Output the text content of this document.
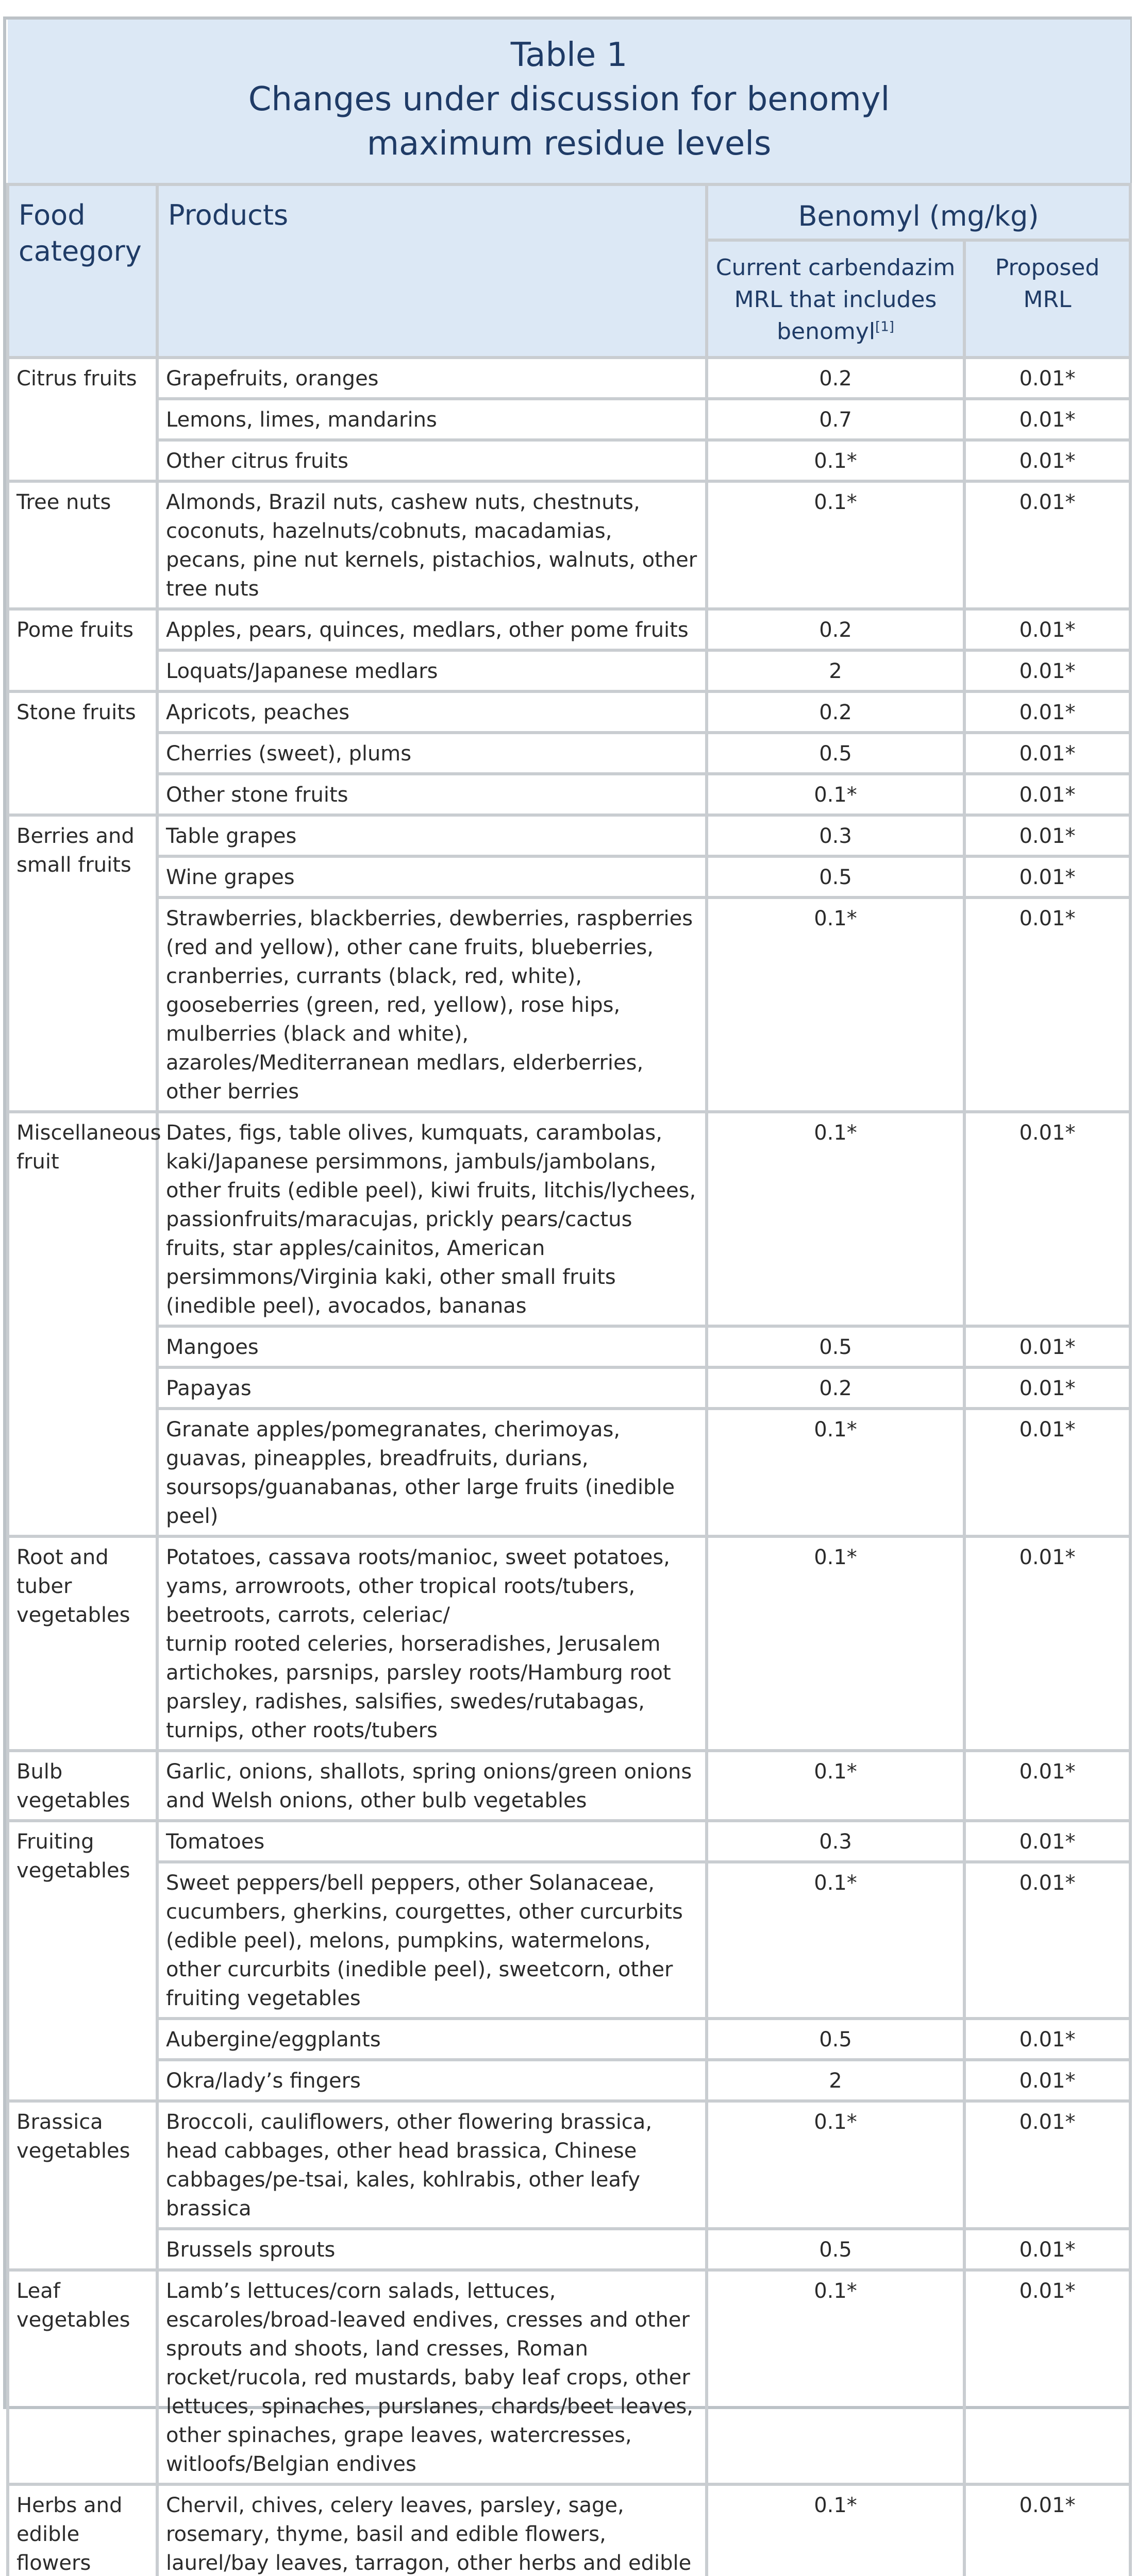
Table 1
Changes under discussion for benomyl
maximum residue levels			

Food category	Products	Benomyl (mg/kg)	
		Current carbendazim MRL that includes benomyl[1]	Proposed MRL
Citrus fruits	Grapefruits, oranges	0.2	0.01*
	Lemons, limes, mandarins	0.7	0.01*
	Other citrus fruits	0.1*	0.01*
Tree nuts	Almonds, Brazil nuts, cashew nuts, chestnuts, coconuts, hazelnuts/cobnuts, macadamias, pecans, pine nut kernels, pistachios, walnuts, other tree nuts	0.1*	0.01*
Pome fruits	Apples, pears, quinces, medlars, other pome fruits	0.2	0.01*
	Loquats/Japanese medlars	2	0.01*
Stone fruits	Apricots, peaches	0.2	0.01*
	Cherries (sweet), plums	0.5	0.01*
	Other stone fruits	0.1*	0.01*
Berries and small fruits	Table grapes	0.3	0.01*
	Wine grapes	0.5	0.01*
	Strawberries, blackberries, dewberries, raspberries (red and yellow), other cane fruits, blueberries, cranberries, currants (black, red, white), gooseberries (green, red, yellow), rose hips, mulberries (black and white), azaroles/Mediterranean medlars, elderberries, other berries	0.1*	0.01*
Miscellaneous fruit	Dates, figs, table olives, kumquats, carambolas, kaki/Japanese persimmons, jambuls/jambolans, other fruits (edible peel), kiwi fruits, litchis/lychees, passionfruits/maracujas, prickly pears/cactus fruits, star apples/cainitos, American persimmons/Virginia kaki, other small fruits (inedible peel), avocados, bananas	0.1*	0.01*
	Mangoes	0.5	0.01*
	Papayas	0.2	0.01*
	Granate apples/pomegranates, cherimoyas, guavas, pineapples, breadfruits, durians, soursops/guanabanas, other large fruits (inedible peel)	0.1*	0.01*
Root and tuber vegetables	Potatoes, cassava roots/manioc, sweet potatoes, yams, arrowroots, other tropical roots/tubers, beetroots, carrots, celeriac/
turnip rooted celeries, horseradishes, Jerusalem artichokes, parsnips, parsley roots/Hamburg root parsley, radishes, salsifies, swedes/rutabagas, turnips, other roots/tubers	0.1*	0.01*
Bulb vegetables	Garlic, onions, shallots, spring onions/green onions and Welsh onions, other bulb vegetables	0.1*	0.01*
Fruiting vegetables	Tomatoes	0.3	0.01*
	Sweet peppers/bell peppers, other Solanaceae, cucumbers, gherkins, courgettes, other curcurbits (edible peel), melons, pumpkins, watermelons, other curcurbits (inedible peel), sweetcorn, other fruiting vegetables	0.1*	0.01*
	Aubergine/eggplants	0.5	0.01*
	Okra/lady’s fingers	2	0.01*
Brassica vegetables	Broccoli, cauliflowers, other flowering brassica, head cabbages, other head brassica, Chinese cabbages/pe-tsai, kales, kohlrabis, other leafy brassica	0.1*	0.01*
	Brussels sprouts	0.5	0.01*
Leaf vegetables	Lamb’s lettuces/corn salads, lettuces, escaroles/broad-leaved endives, cresses and other sprouts and shoots, land cresses, Roman rocket/rucola, red mustards, baby leaf crops, other lettuces, spinaches, purslanes, chards/beet leaves, other spinaches, grape leaves, watercresses, witloofs/Belgian endives	0.1*	0.01*
Herbs and edible flowers	Chervil, chives, celery leaves, parsley, sage, rosemary, thyme, basil and edible flowers, laurel/bay leaves, tarragon, other herbs and edible	0.1*	0.01*
